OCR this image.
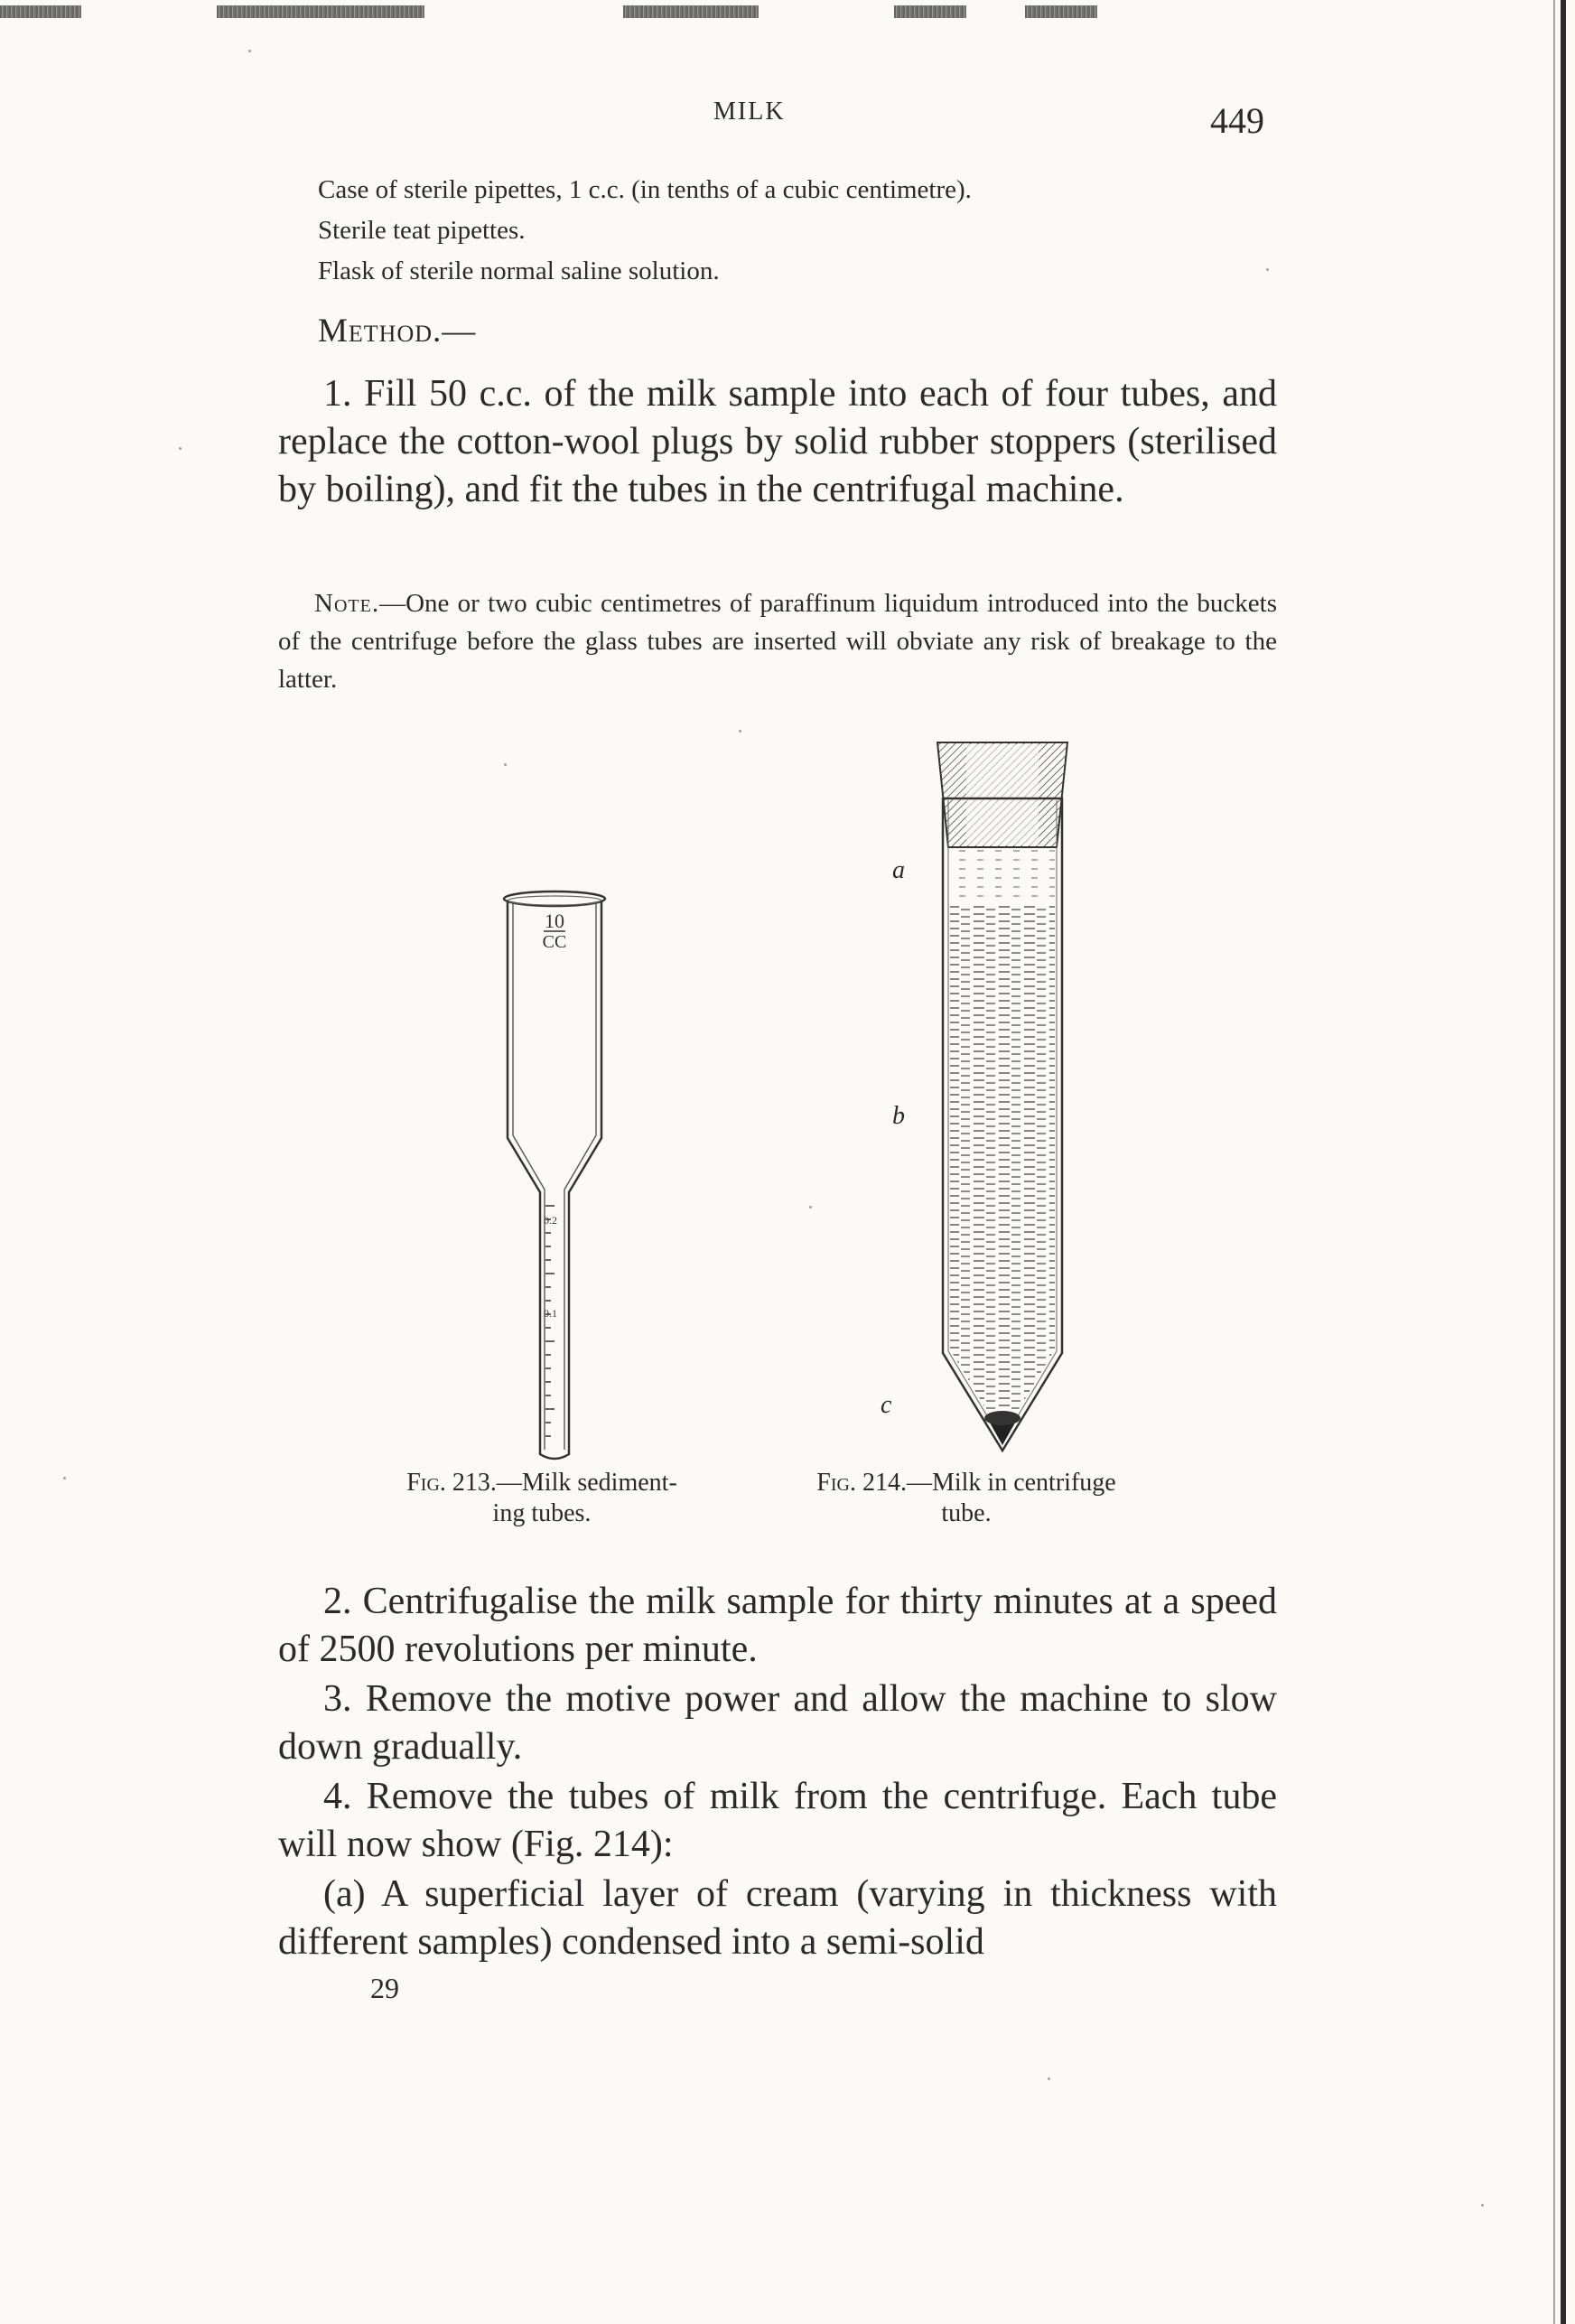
MILK	449
Case of sterile pipettes, 1 c.c. (in tenths of a cubic centimetre).
Sterile teat pipettes.
Flask of sterile normal saline solution.
Method.—
1. Fill 50 c.c. of the milk sample into each of four tubes, and replace the cotton-wool plugs by solid rubber stoppers (sterilised by boiling), and fit the tubes in the centrifugal machine.
Note.—One or two cubic centimetres of paraffinum liquidum introduced into the buckets of the centrifuge before the glass tubes are inserted will obviate any risk of breakage to the latter.
10
CC
0.2
0.1
a
b
c
Fig. 213.—Milk sediment-
ing tubes.
Fig. 214.—Milk in centrifuge
tube.
2. Centrifugalise the milk sample for thirty minutes at a speed of 2500 revolutions per minute.
3. Remove the motive power and allow the machine to slow down gradually.
4. Remove the tubes of milk from the centrifuge. Each tube will now show (Fig. 214):
(a) A superficial layer of cream (varying in thickness with different samples) condensed into a semi-solid
29
